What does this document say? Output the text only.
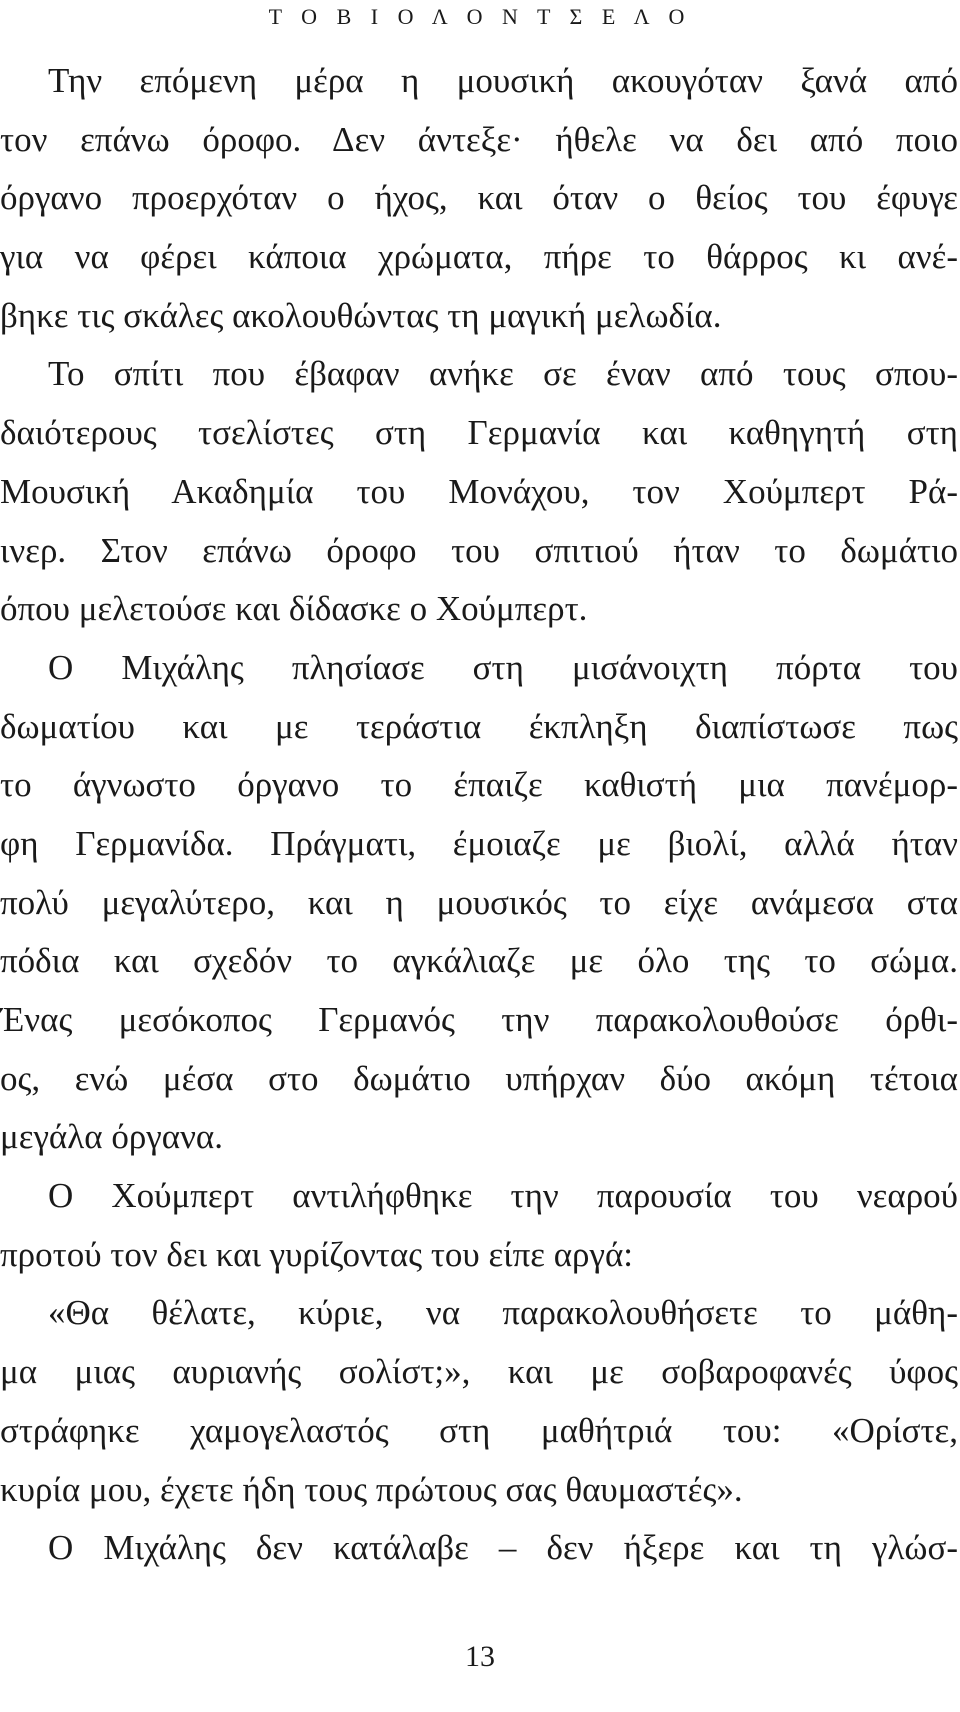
Τ Ο Β Ι Ο Λ Ο Ν Τ Σ Ε Λ Ο
Την επόμενη μέρα η μουσική ακουγόταν ξανά από
τον επάνω όροφο. Δεν άντεξε· ήθελε να δει από ποιο
όργανο προερχόταν ο ήχος, και όταν ο θείος του έφυγε
για να φέρει κάποια χρώματα, πήρε το θάρρος κι ανέ-
βηκε τις σκάλες ακολουθώντας τη μαγική μελωδία.
Το σπίτι που έβαφαν ανήκε σε έναν από τους σπου-
δαιότερους τσελίστες στη Γερμανία και καθηγητή στη
Μουσική Ακαδημία του Μονάχου, τον Χούμπερτ Ρά-
ινερ. Στον επάνω όροφο του σπιτιού ήταν το δωμάτιο
όπου μελετούσε και δίδασκε ο Χούμπερτ.
Ο Μιχάλης πλησίασε στη μισάνοιχτη πόρτα του
δωματίου και με τεράστια έκπληξη διαπίστωσε πως
το άγνωστο όργανο το έπαιζε καθιστή μια πανέμορ-
φη Γερμανίδα. Πράγματι, έμοιαζε με βιολί, αλλά ήταν
πολύ μεγαλύτερο, και η μουσικός το είχε ανάμεσα στα
πόδια και σχεδόν το αγκάλιαζε με όλο της το σώμα.
Ένας μεσόκοπος Γερμανός την παρακολουθούσε όρθι-
ος, ενώ μέσα στο δωμάτιο υπήρχαν δύο ακόμη τέτοια
μεγάλα όργανα.
Ο Χούμπερτ αντιλήφθηκε την παρουσία του νεαρού
προτού τον δει και γυρίζοντας του είπε αργά:
«Θα θέλατε, κύριε, να παρακολουθήσετε το μάθη-
μα μιας αυριανής σολίστ;», και με σοβαροφανές ύφος
στράφηκε χαμογελαστός στη μαθήτριά του: «Ορίστε,
κυρία μου, έχετε ήδη τους πρώτους σας θαυμαστές».
Ο Μιχάλης δεν κατάλαβε – δεν ήξερε και τη γλώσ-
13
